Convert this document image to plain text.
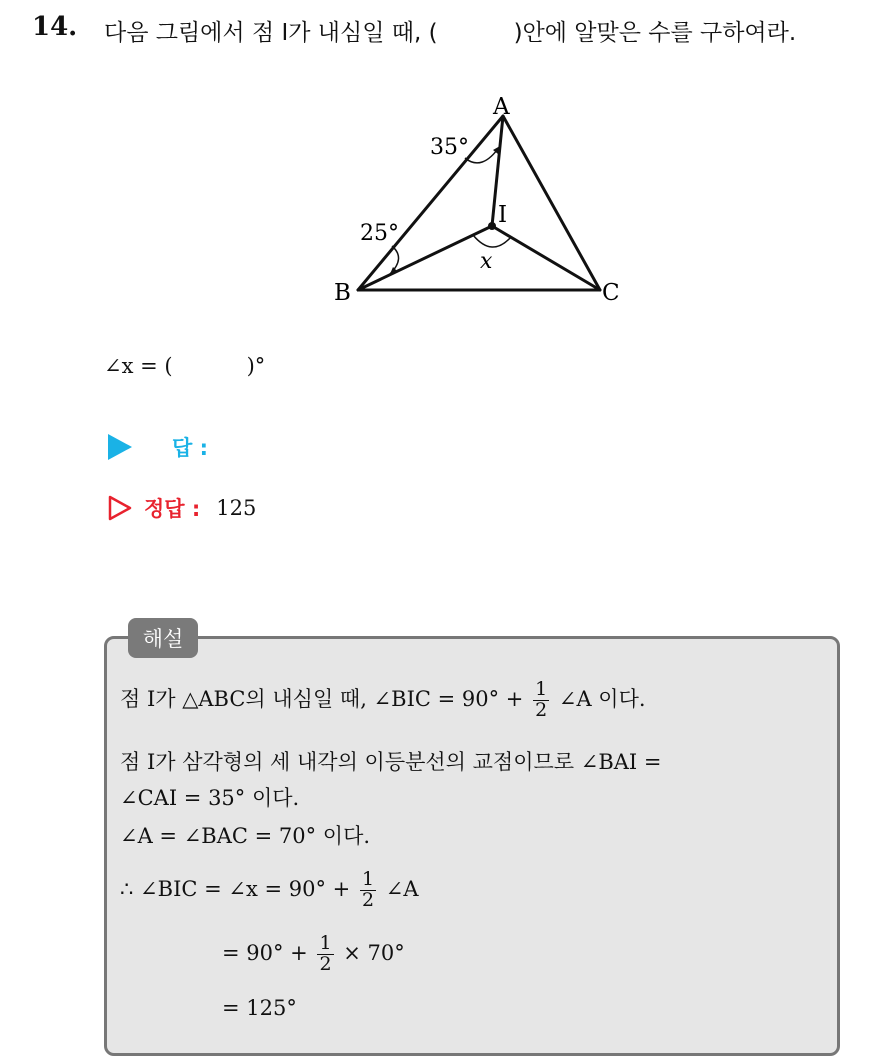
14. 다음 그림에서 점 I가 내심일 때, (	)안에 알맞은 수를 구하여라.
A
B	C
I
35°
25°
x
∠x = (	)°
답 :
정답 : 125
해설
점 I가 △ABC의 내심일 때, ∠BIC = $90^\circ + \frac{1}{2}$ ∠A 이다.
점 I가 삼각형의 세 내각의 이등분선의 교점이므로 ∠BAI =
∠CAI = 35° 이다.
∠A = ∠BAC = 70° 이다.
∴ ∠BIC = ∠x = $90^\circ + \frac{1}{2}$ ∠A
= $90^\circ + \frac{1}{2} \times 70^\circ$
= 125°
